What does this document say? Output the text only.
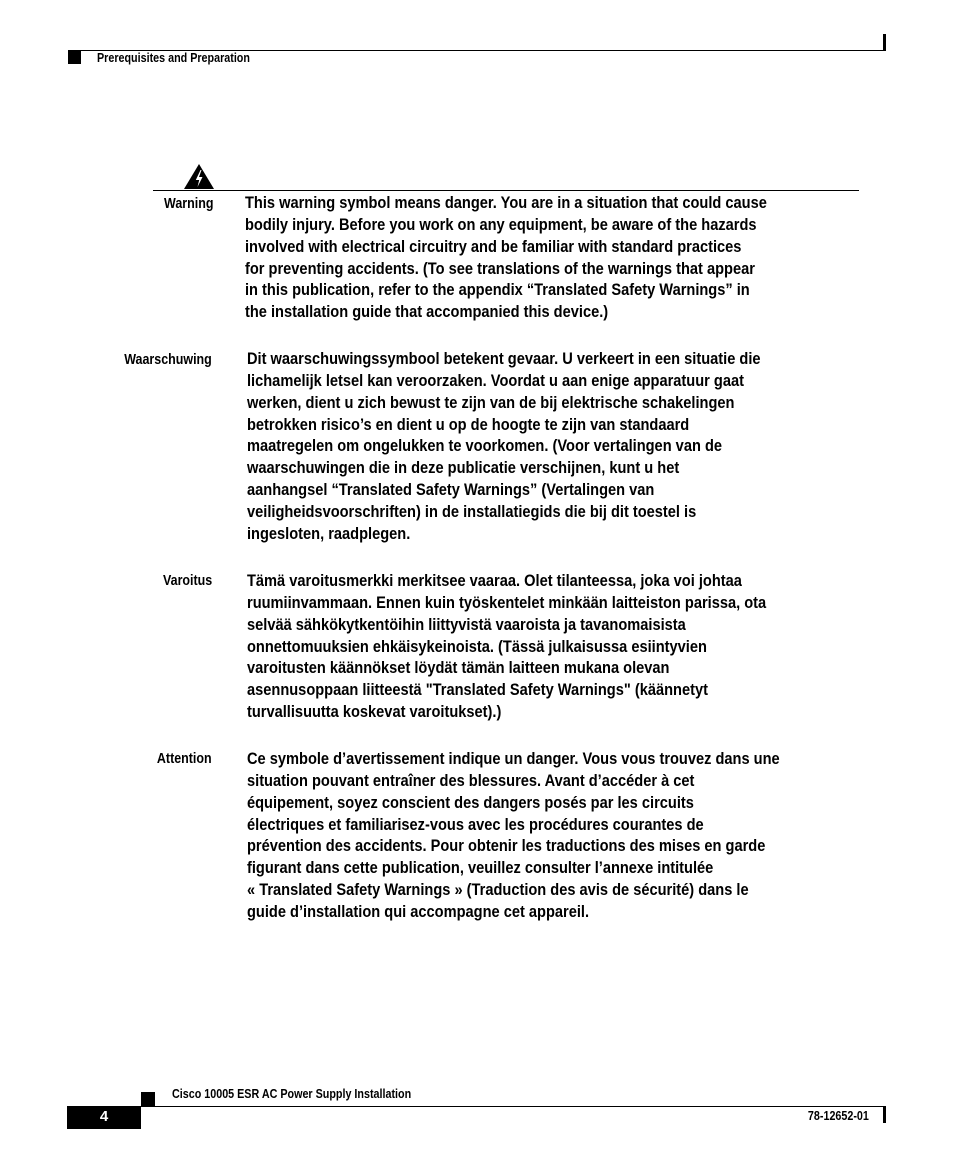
Prerequisites and Preparation
Warning This warning symbol means danger. You are in a situation that could cause
bodily injury. Before you work on any equipment, be aware of the hazards
involved with electrical circuitry and be familiar with standard practices
for preventing accidents. (To see translations of the warnings that appear
in this publication, refer to the appendix “Translated Safety Warnings” in
the installation guide that accompanied this device.)
Waarschuwing Dit waarschuwingssymbool betekent gevaar. U verkeert in een situatie die
lichamelijk letsel kan veroorzaken. Voordat u aan enige apparatuur gaat
werken, dient u zich bewust te zijn van de bij elektrische schakelingen
betrokken risico’s en dient u op de hoogte te zijn van standaard
maatregelen om ongelukken te voorkomen. (Voor vertalingen van de
waarschuwingen die in deze publicatie verschijnen, kunt u het
aanhangsel “Translated Safety Warnings” (Vertalingen van
veiligheidsvoorschriften) in de installatiegids die bij dit toestel is
ingesloten, raadplegen.
Varoitus Tämä varoitusmerkki merkitsee vaaraa. Olet tilanteessa, joka voi johtaa
ruumiinvammaan. Ennen kuin työskentelet minkään laitteiston parissa, ota
selvää sähkökytkentöihin liittyvistä vaaroista ja tavanomaisista
onnettomuuksien ehkäisykeinoista. (Tässä julkaisussa esiintyvien
varoitusten käännökset löydät tämän laitteen mukana olevan
asennusoppaan liitteestä "Translated Safety Warnings" (käännetyt
turvallisuutta koskevat varoitukset).)
Attention Ce symbole d’avertissement indique un danger. Vous vous trouvez dans une
situation pouvant entraîner des blessures. Avant d’accéder à cet
équipement, soyez conscient des dangers posés par les circuits
électriques et familiarisez-vous avec les procédures courantes de
prévention des accidents. Pour obtenir les traductions des mises en garde
figurant dans cette publication, veuillez consulter l’annexe intitulée
« Translated Safety Warnings » (Traduction des avis de sécurité) dans le
guide d’installation qui accompagne cet appareil.
Cisco 10005 ESR AC Power Supply Installation
4	78-12652-01
